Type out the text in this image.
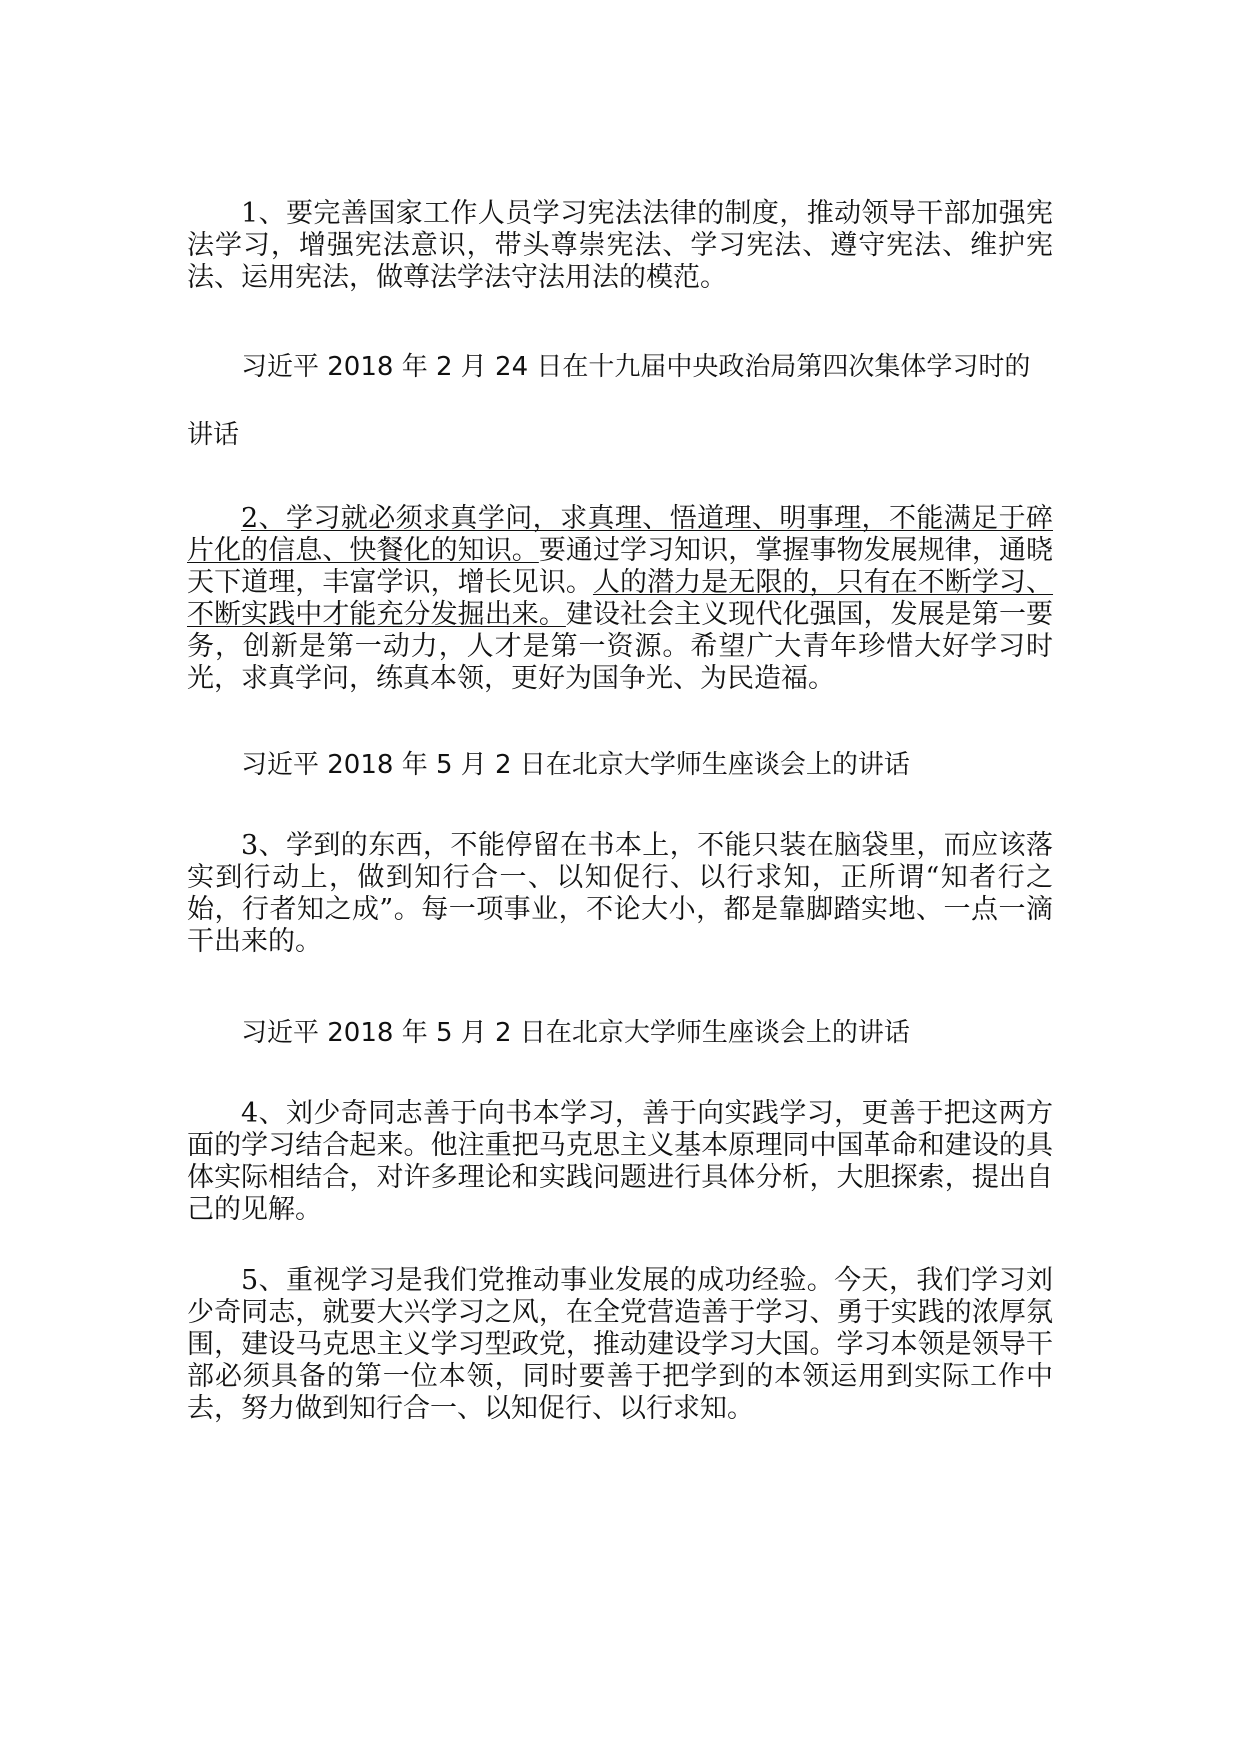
1、要完善国家工作人员学习宪法法律的制度，推动领导干部加强宪法学习，增强宪法意识，带头尊崇宪法、学习宪法、遵守宪法、维护宪法、运用宪法，做尊法学法守法用法的模范。

习近平 2018 年 2 月 24 日在十九届中央政治局第四次集体学习时的讲话

2、学习就必须求真学问，求真理、悟道理、明事理，不能满足于碎片化的信息、快餐化的知识。要通过学习知识，掌握事物发展规律，通晓天下道理，丰富学识，增长见识。人的潜力是无限的，只有在不断学习、不断实践中才能充分发掘出来。建设社会主义现代化强国，发展是第一要务，创新是第一动力，人才是第一资源。希望广大青年珍惜大好学习时光，求真学问，练真本领，更好为国争光、为民造福。

习近平 2018 年 5 月 2 日在北京大学师生座谈会上的讲话

3、学到的东西，不能停留在书本上，不能只装在脑袋里，而应该落实到行动上，做到知行合一、以知促行、以行求知，正所谓“知者行之始，行者知之成”。每一项事业，不论大小，都是靠脚踏实地、一点一滴干出来的。

习近平 2018 年 5 月 2 日在北京大学师生座谈会上的讲话

4、刘少奇同志善于向书本学习，善于向实践学习，更善于把这两方面的学习结合起来。他注重把马克思主义基本原理同中国革命和建设的具体实际相结合，对许多理论和实践问题进行具体分析，大胆探索，提出自己的见解。

5、重视学习是我们党推动事业发展的成功经验。今天，我们学习刘少奇同志，就要大兴学习之风，在全党营造善于学习、勇于实践的浓厚氛围，建设马克思主义学习型政党，推动建设学习大国。学习本领是领导干部必须具备的第一位本领，同时要善于把学到的本领运用到实际工作中去，努力做到知行合一、以知促行、以行求知。
